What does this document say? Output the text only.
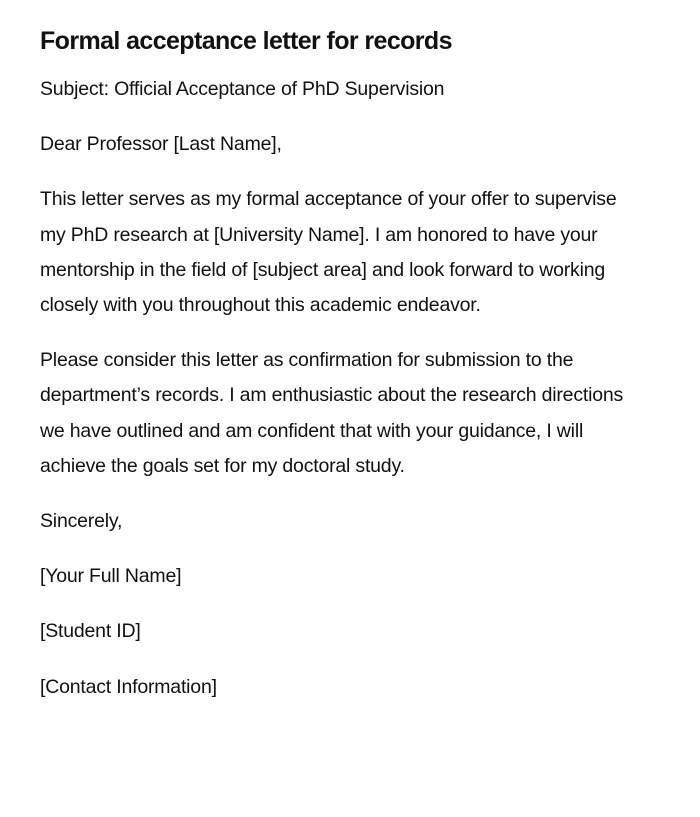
Formal acceptance letter for records

Subject: Official Acceptance of PhD Supervision

Dear Professor [Last Name],

This letter serves as my formal acceptance of your offer to supervise my PhD research at [University Name]. I am honored to have your mentorship in the field of [subject area] and look forward to working closely with you throughout this academic endeavor.

Please consider this letter as confirmation for submission to the department’s records. I am enthusiastic about the research directions we have outlined and am confident that with your guidance, I will achieve the goals set for my doctoral study.

Sincerely,

[Your Full Name]

[Student ID]

[Contact Information]
